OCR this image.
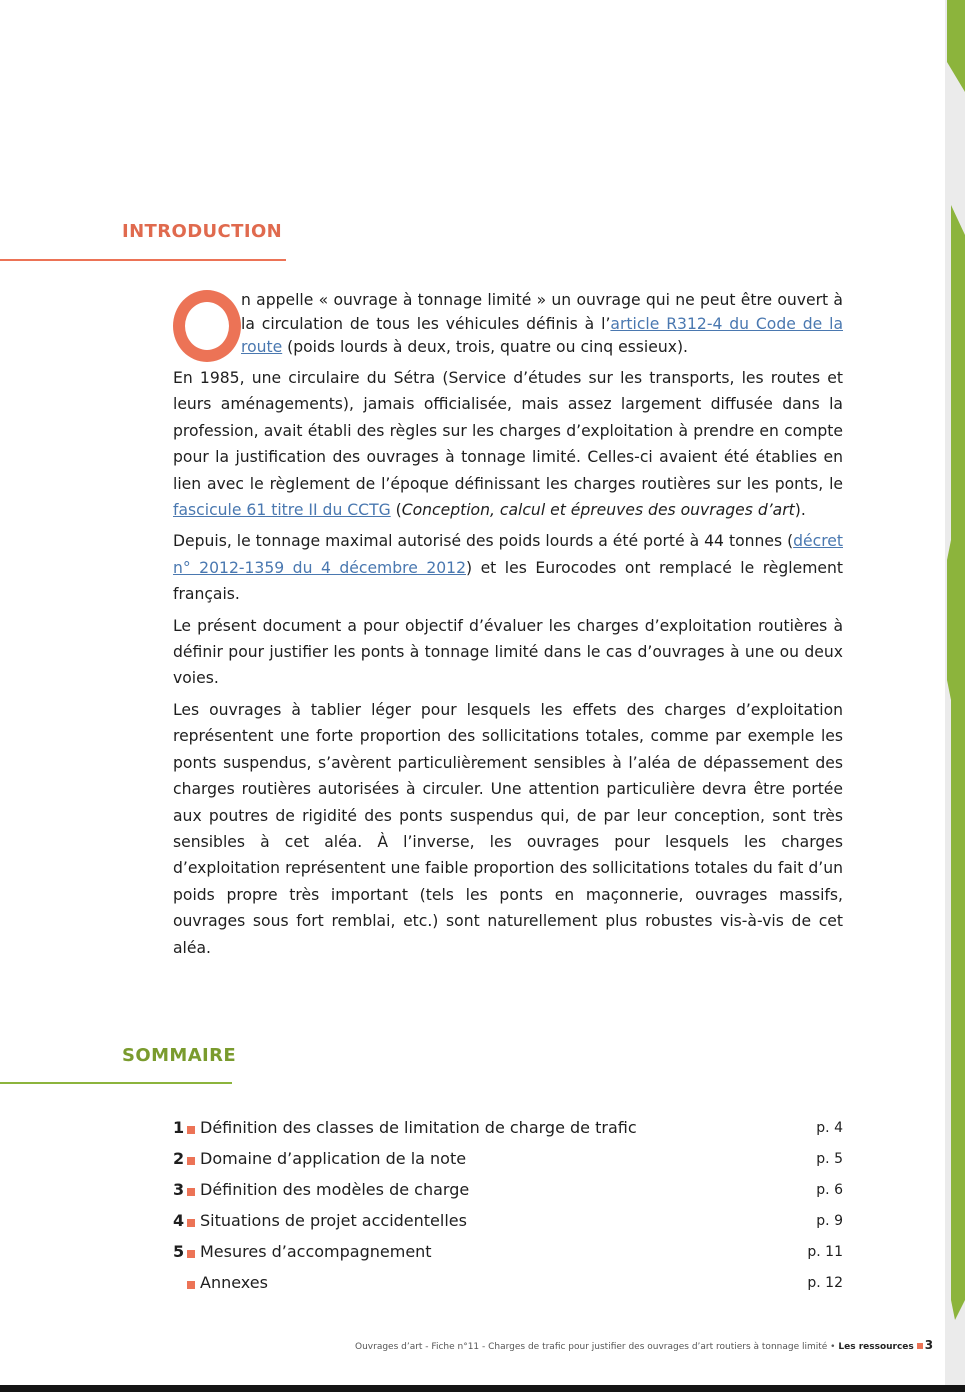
INTRODUCTION
n appelle « ouvrage à tonnage limité » un ouvrage qui ne peut être ouvert à la circulation de tous les véhicules définis à l’article R312-4 du Code de la route (poids lourds à deux, trois, quatre ou cinq essieux).

En 1985, une circulaire du Sétra (Service d’études sur les transports, les routes et leurs aménagements), jamais officialisée, mais assez largement diffusée dans la profession, avait établi des règles sur les charges d’exploitation à prendre en compte pour la justification des ouvrages à tonnage limité. Celles-ci avaient été établies en lien avec le règlement de l’époque définissant les charges routières sur les ponts, le fascicule 61 titre II du CCTG (Conception, calcul et épreuves des ouvrages d’art).

Depuis, le tonnage maximal autorisé des poids lourds a été porté à 44 tonnes (décret n° 2012-1359 du 4 décembre 2012) et les Eurocodes ont remplacé le règlement français.

Le présent document a pour objectif d’évaluer les charges d’exploitation routières à définir pour justifier les ponts à tonnage limité dans le cas d’ouvrages à une ou deux voies.

Les ouvrages à tablier léger pour lesquels les effets des charges d’exploitation représentent une forte proportion des sollicitations totales, comme par exemple les ponts suspendus, s’avèrent particulièrement sensibles à l’aléa de dépassement des charges routières autorisées à circuler. Une attention particulière devra être portée aux poutres de rigidité des ponts suspendus qui, de par leur conception, sont très sensibles à cet aléa. À l’inverse, les ouvrages pour lesquels les charges d’exploitation représentent une faible proportion des sollicitations totales du fait d’un poids propre très important (tels les ponts en maçonnerie, ouvrages massifs, ouvrages sous fort remblai, etc.) sont naturellement plus robustes vis-à-vis de cet aléa.

SOMMAIRE
1 Définition des classes de limitation de charge de trafic	p. 4
2 Domaine d’application de la note	p. 5
3 Définition des modèles de charge	p. 6
4 Situations de projet accidentelles	p. 9
5 Mesures d’accompagnement	p. 11
Annexes	p. 12
Ouvrages d’art - Fiche n°11 - Charges de trafic pour justifier des ouvrages d’art routiers à tonnage limité • Les ressources 3
